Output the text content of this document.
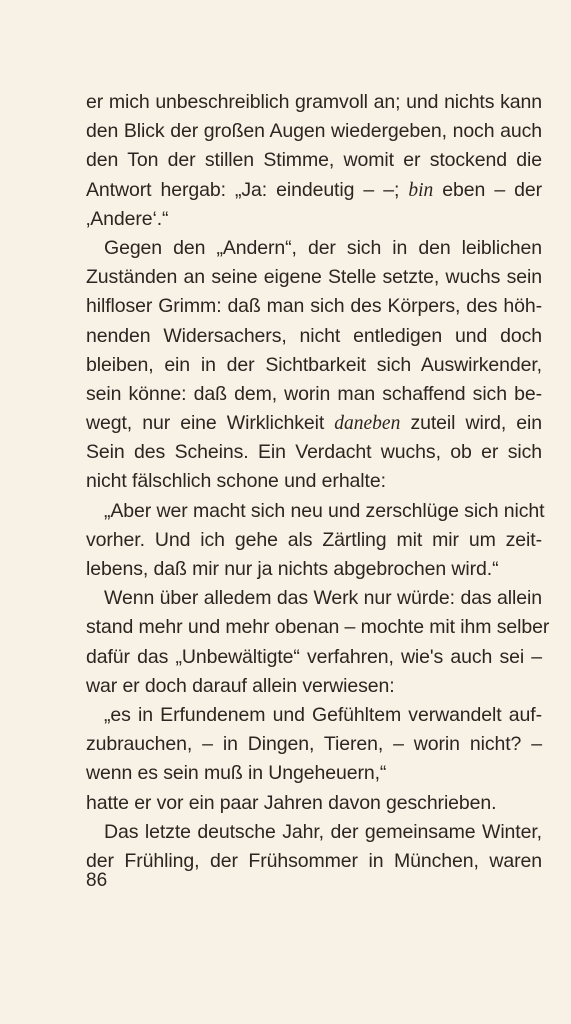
er mich unbeschreiblich gramvoll an; und nichts kann
den Blick der großen Augen wiedergeben, noch auch
den Ton der stillen Stimme, womit er stockend die
Antwort hergab: „Ja: eindeutig – –; bin eben – der
‚Andere‘.“
Gegen den „Andern“, der sich in den leiblichen
Zuständen an seine eigene Stelle setzte, wuchs sein
hilfloser Grimm: daß man sich des Körpers, des höh-
nenden Widersachers, nicht entledigen und doch
bleiben, ein in der Sichtbarkeit sich Auswirkender,
sein könne: daß dem, worin man schaffend sich be-
wegt, nur eine Wirklichkeit daneben zuteil wird, ein
Sein des Scheins. Ein Verdacht wuchs, ob er sich
nicht fälschlich schone und erhalte:
„Aber wer macht sich neu und zerschlüge sich nicht
vorher. Und ich gehe als Zärtling mit mir um zeit-
lebens, daß mir nur ja nichts abgebrochen wird.“
Wenn über alledem das Werk nur würde: das allein
stand mehr und mehr obenan – mochte mit ihm selber
dafür das „Unbewältigte“ verfahren, wie's auch sei –
war er doch darauf allein verwiesen:
„es in Erfundenem und Gefühltem verwandelt auf-
zubrauchen, – in Dingen, Tieren, – worin nicht? –
wenn es sein muß in Ungeheuern,“
hatte er vor ein paar Jahren davon geschrieben.
Das letzte deutsche Jahr, der gemeinsame Winter,
der Frühling, der Frühsommer in München, waren
86
